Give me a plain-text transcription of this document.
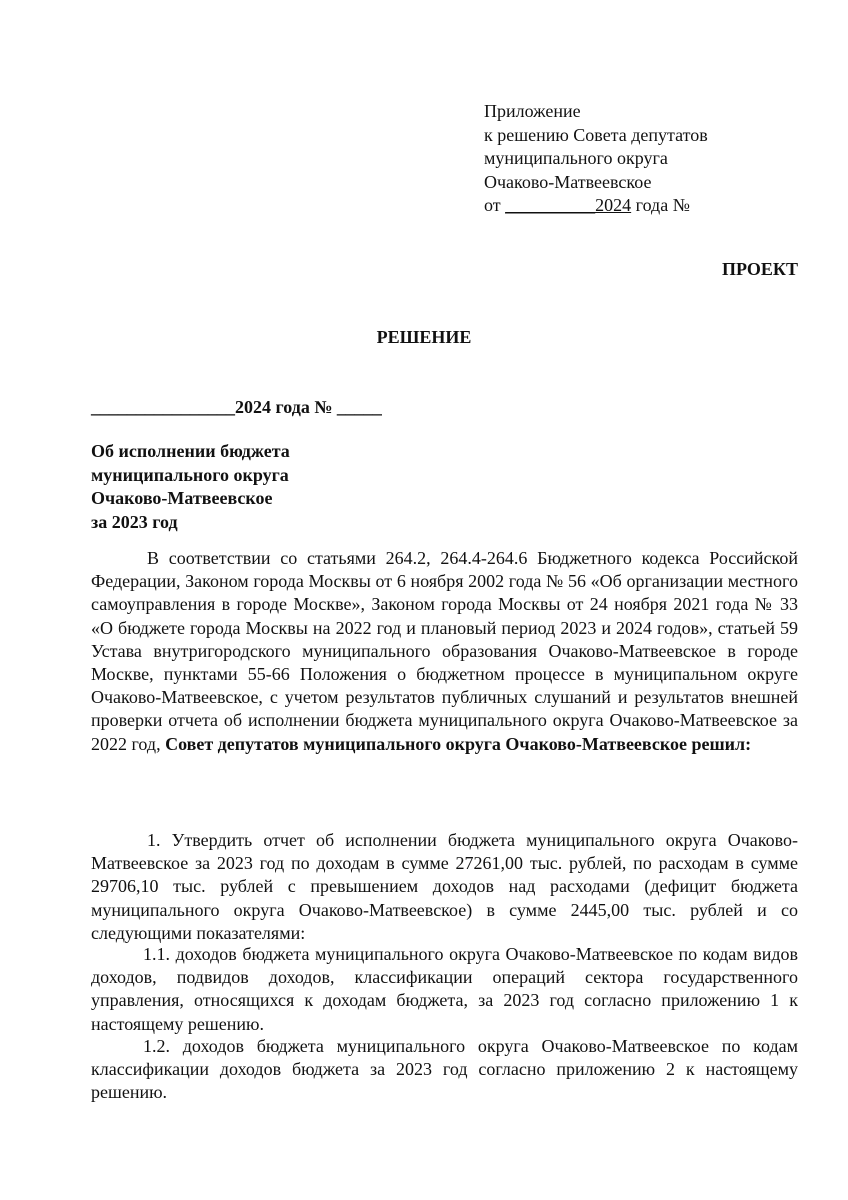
Приложение
к решению Совета депутатов
муниципального округа
Очаково-Матвеевское
от __________2024 года №
ПРОЕКТ
РЕШЕНИЕ
________________2024 года № _____
Об исполнении бюджета
муниципального округа
Очаково-Матвеевское
за 2023 год

В соответствии со статьями 264.2, 264.4-264.6 Бюджетного кодекса Российской Федерации, Законом города Москвы от 6 ноября 2002 года № 56 «Об организации местного самоуправления в городе Москве», Законом города Москвы от 24 ноября 2021 года № 33 «О бюджете города Москвы на 2022 год и плановый период 2023 и 2024 годов», статьей 59 Устава внутригородского муниципального образования Очаково-Матвеевское в городе Москве, пунктами 55-66 Положения о бюджетном процессе в муниципальном округе Очаково-Матвеевское, с учетом результатов публичных слушаний и результатов внешней проверки отчета об исполнении бюджета муниципального округа Очаково-Матвеевское за 2022 год, Совет депутатов муниципального округа Очаково-Матвеевское решил:

1. Утвердить отчет об исполнении бюджета муниципального округа Очаково-Матвеевское за 2023 год по доходам в сумме 27261,00 тыс. рублей, по расходам в сумме 29706,10 тыс. рублей с превышением доходов над расходами (дефицит бюджета муниципального округа Очаково-Матвеевское) в сумме 2445,00 тыс. рублей и со следующими показателями:

1.1. доходов бюджета муниципального округа Очаково-Матвеевское по кодам видов доходов, подвидов доходов, классификации операций сектора государственного управления, относящихся к доходам бюджета, за 2023 год согласно приложению 1 к настоящему решению.

1.2. доходов бюджета муниципального округа Очаково-Матвеевское по кодам классификации доходов бюджета за 2023 год согласно приложению 2 к настоящему решению.
